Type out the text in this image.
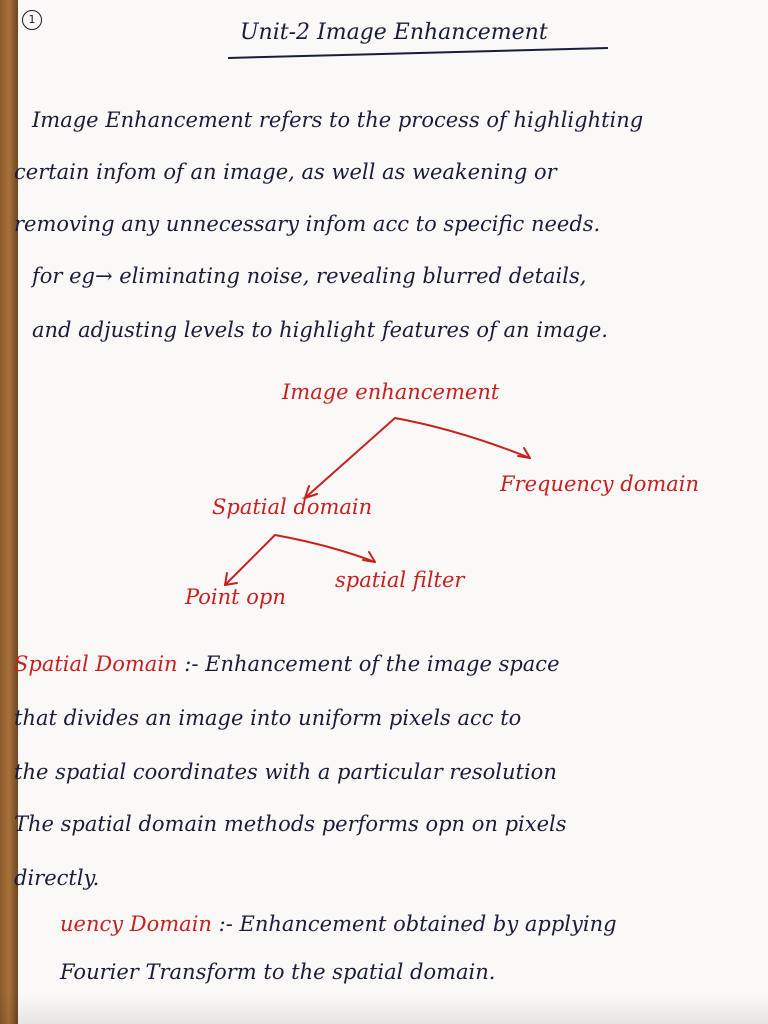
1
Unit-2 Image Enhancement
Image Enhancement refers to the process of highlighting
certain infom of an image, as well as weakening or
removing any unnecessary infom acc to specific needs.
for eg→ eliminating noise, revealing blurred details,
and adjusting levels to highlight features of an image.
Image enhancement
Spatial domain
Frequency domain
Point opn
spatial filter
Spatial Domain :- Enhancement of the image space
that divides an image into uniform pixels acc to
the spatial coordinates with a particular resolution
The spatial domain methods performs opn on pixels
directly.
uency Domain :- Enhancement obtained by applying
Fourier Transform to the spatial domain.
